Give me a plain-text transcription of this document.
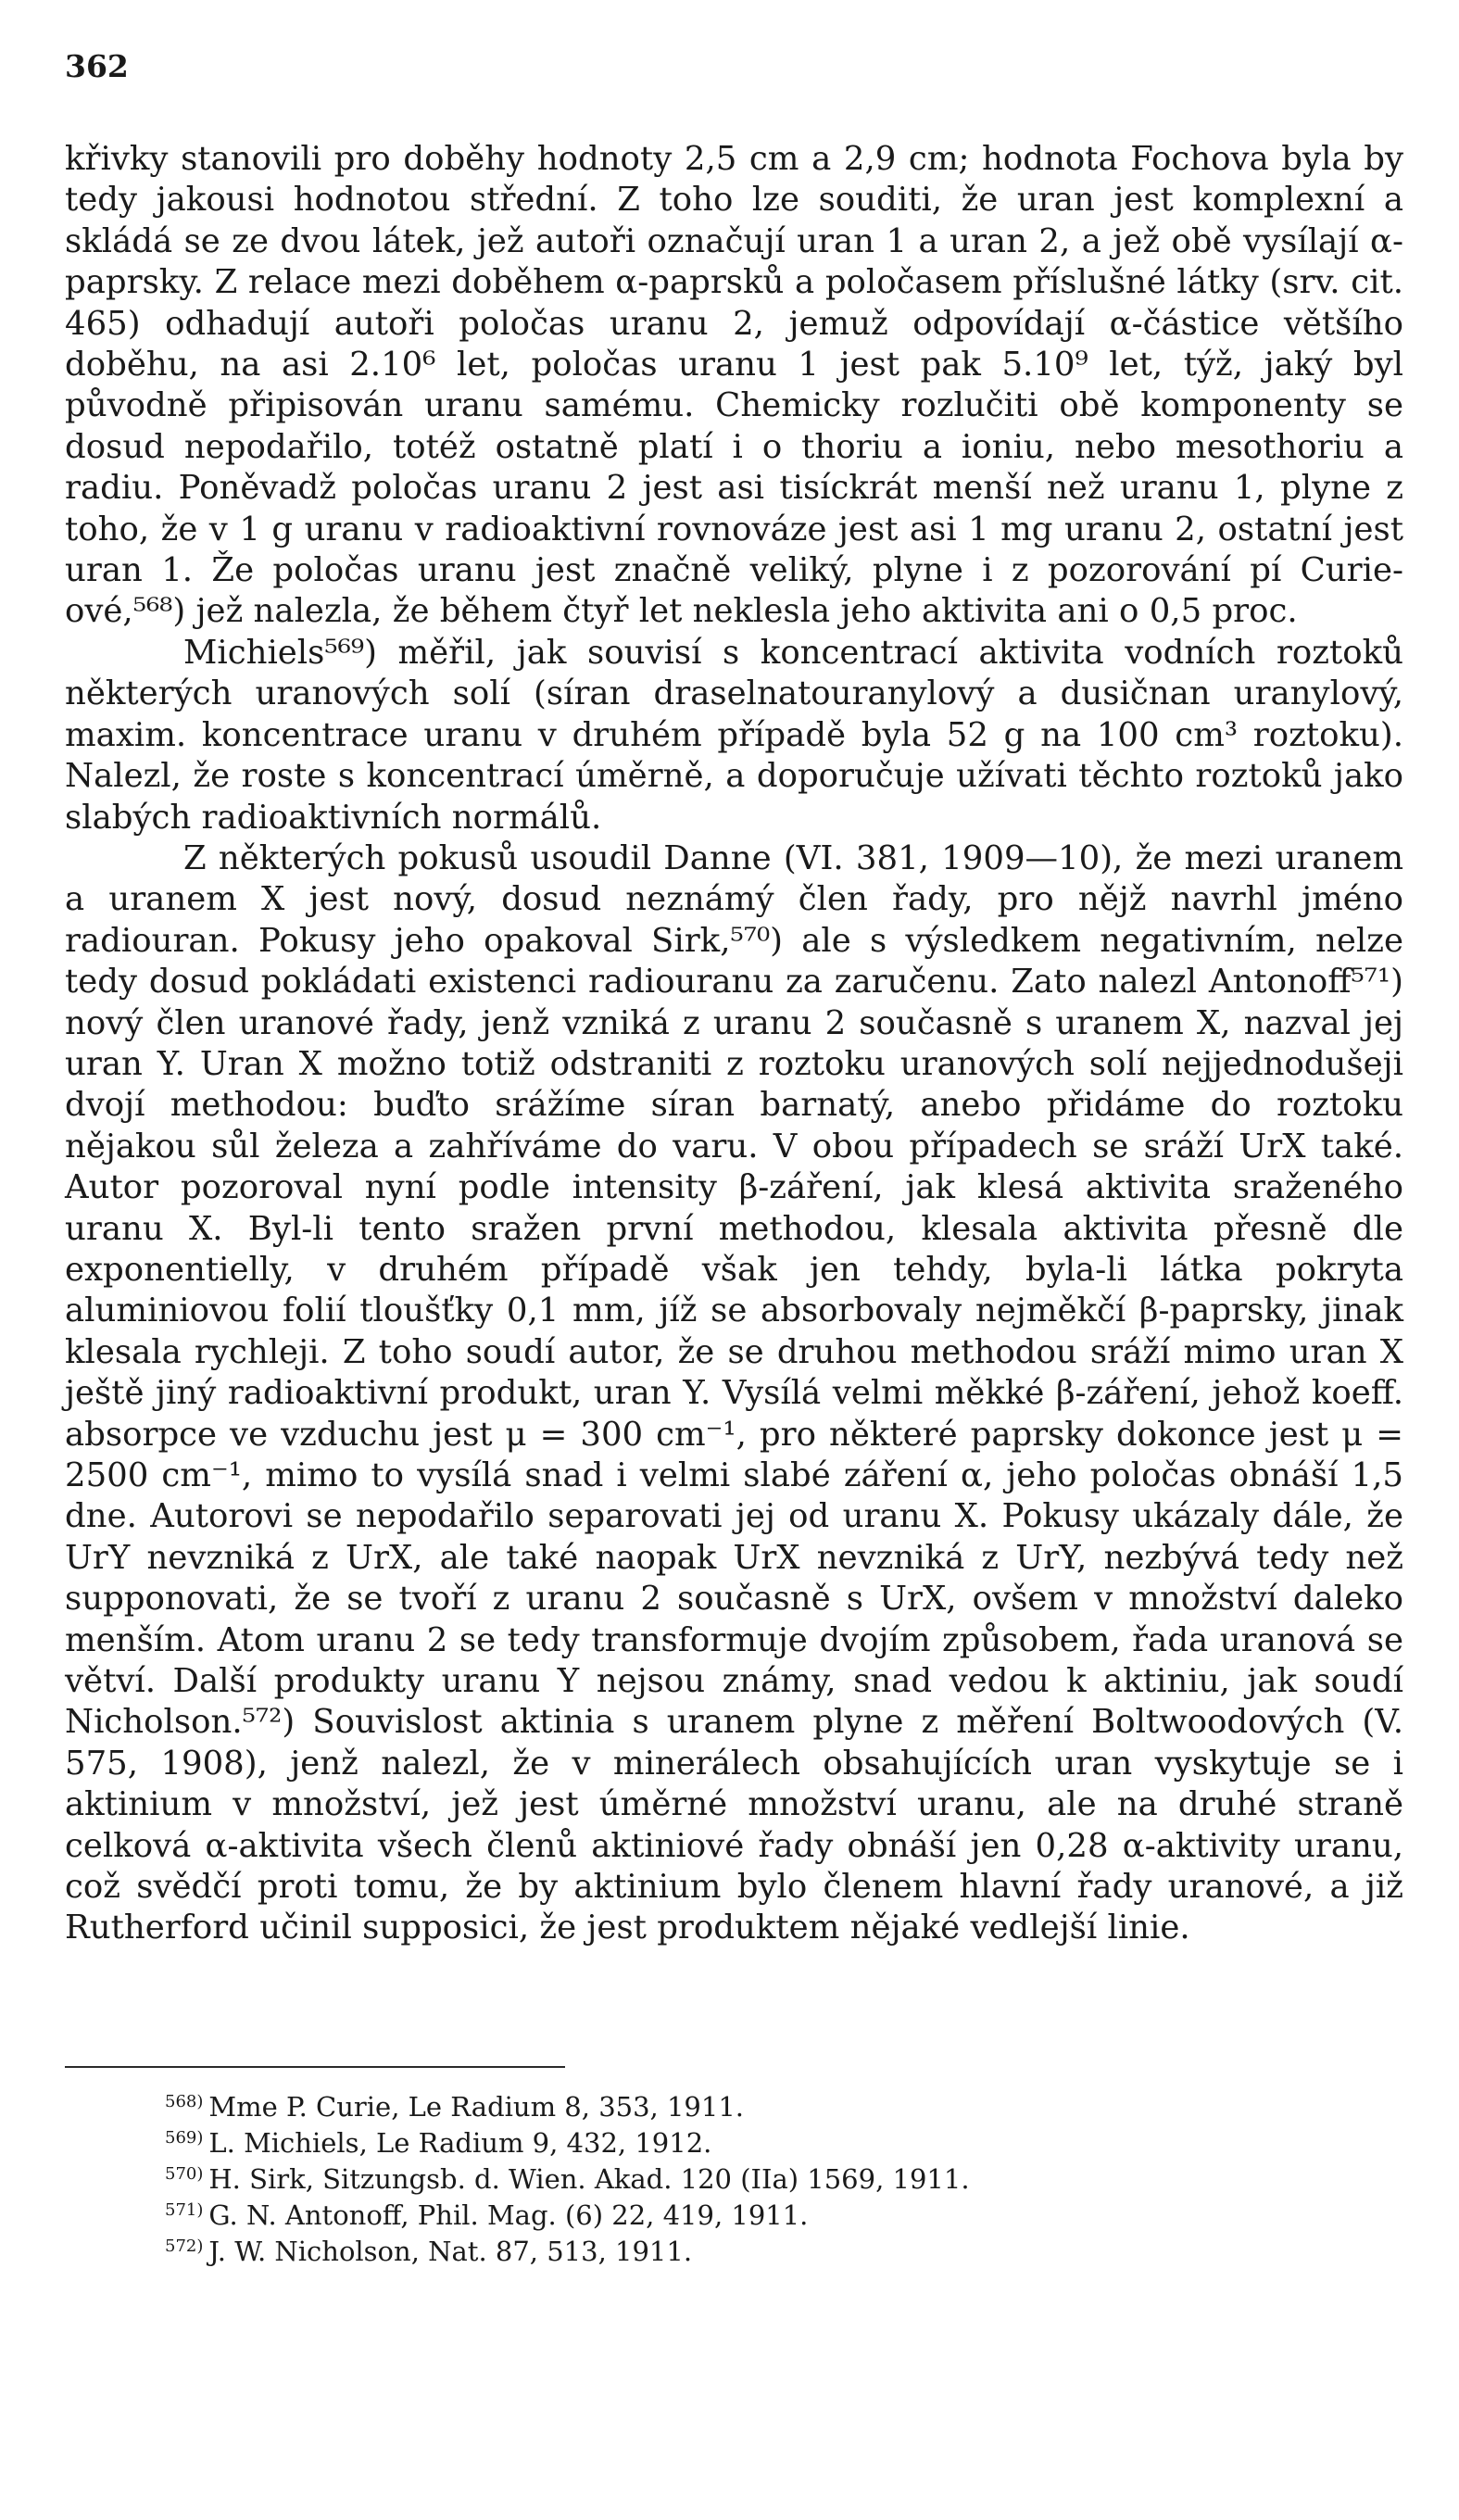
362

křivky stanovili pro doběhy hodnoty 2,5 cm a 2,9 cm; hodnota Fochova byla by tedy jakousi hodnotou střední. Z toho lze souditi, že uran jest komplexní a skládá se ze dvou látek, jež autoři označují uran 1 a uran 2, a jež obě vysílají α-paprsky. Z relace mezi doběhem α-paprsků a poločasem příslušné látky (srv. cit. 465) odhadují autoři poločas uranu 2, jemuž odpovídají α-částice většího doběhu, na asi 2.10⁶ let, poločas uranu 1 jest pak 5.10⁹ let, týž, jaký byl původně připisován uranu samému. Chemicky rozlučiti obě komponenty se dosud nepodařilo, totéž ostatně platí i o thoriu a ioniu, nebo mesothoriu a radiu. Poněvadž poločas uranu 2 jest asi tisíckrát menší než uranu 1, plyne z toho, že v 1 g uranu v radioaktivní rovnováze jest asi 1 mg uranu 2, ostatní jest uran 1. Že poločas uranu jest značně veliký, plyne i z pozorování pí Curie-ové,⁵⁶⁸) jež nalezla, že během čtyř let neklesla jeho aktivita ani o 0,5 proc.

Michiels⁵⁶⁹) měřil, jak souvisí s koncentrací aktivita vodních roztoků některých uranových solí (síran draselnatouranylový a dusičnan uranylový, maxim. koncentrace uranu v druhém případě byla 52 g na 100 cm³ roztoku). Nalezl, že roste s koncentrací úměrně, a doporučuje užívati těchto roztoků jako slabých radioaktivních normálů.

Z některých pokusů usoudil Danne (VI. 381, 1909—10), že mezi uranem a uranem X jest nový, dosud neznámý člen řady, pro nějž navrhl jméno radiouran. Pokusy jeho opakoval Sirk,⁵⁷⁰) ale s výsledkem negativním, nelze tedy dosud pokládati existenci radiouranu za zaručenu. Zato nalezl Antonoff⁵⁷¹) nový člen uranové řady, jenž vzniká z uranu 2 současně s uranem X, nazval jej uran Y. Uran X možno totiž odstraniti z roztoku uranových solí nejjednodušeji dvojí methodou: buďto srážíme síran barnatý, anebo přidáme do roztoku nějakou sůl železa a zahříváme do varu. V obou případech se sráží UrX také. Autor pozoroval nyní podle intensity β-záření, jak klesá aktivita sraženého uranu X. Byl-li tento sražen první methodou, klesala aktivita přesně dle exponentielly, v druhém případě však jen tehdy, byla-li látka pokryta aluminiovou folií tloušťky 0,1 mm, jíž se absorbovaly nejměkčí β-paprsky, jinak klesala rychleji. Z toho soudí autor, že se druhou methodou sráží mimo uran X ještě jiný radioaktivní produkt, uran Y. Vysílá velmi měkké β-záření, jehož koeff. absorpce ve vzduchu jest μ = 300 cm⁻¹, pro některé paprsky dokonce jest μ = 2500 cm⁻¹, mimo to vysílá snad i velmi slabé záření α, jeho poločas obnáší 1,5 dne. Autorovi se nepodařilo separovati jej od uranu X. Pokusy ukázaly dále, že UrY nevzniká z UrX, ale také naopak UrX nevzniká z UrY, nezbývá tedy než supponovati, že se tvoří z uranu 2 současně s UrX, ovšem v množství daleko menším. Atom uranu 2 se tedy transformuje dvojím způsobem, řada uranová se větví. Další produkty uranu Y nejsou známy, snad vedou k aktiniu, jak soudí Nicholson.⁵⁷²) Souvislost aktinia s uranem plyne z měření Boltwoodových (V. 575, 1908), jenž nalezl, že v minerálech obsahujících uran vyskytuje se i aktinium v množství, jež jest úměrné množství uranu, ale na druhé straně celková α-aktivita všech členů aktiniové řady obnáší jen 0,28 α-aktivity uranu, což svědčí proti tomu, že by aktinium bylo členem hlavní řady uranové, a již Rutherford učinil supposici, že jest produktem nějaké vedlejší linie.

$^{568)}$ Mme P. Curie, Le Radium 8, 353, 1911.
$^{569)}$ L. Michiels, Le Radium 9, 432, 1912.
$^{570)}$ H. Sirk, Sitzungsb. d. Wien. Akad. 120 (IIa) 1569, 1911.
$^{571)}$ G. N. Antonoff, Phil. Mag. (6) 22, 419, 1911.
$^{572)}$ J. W. Nicholson, Nat. 87, 513, 1911.
